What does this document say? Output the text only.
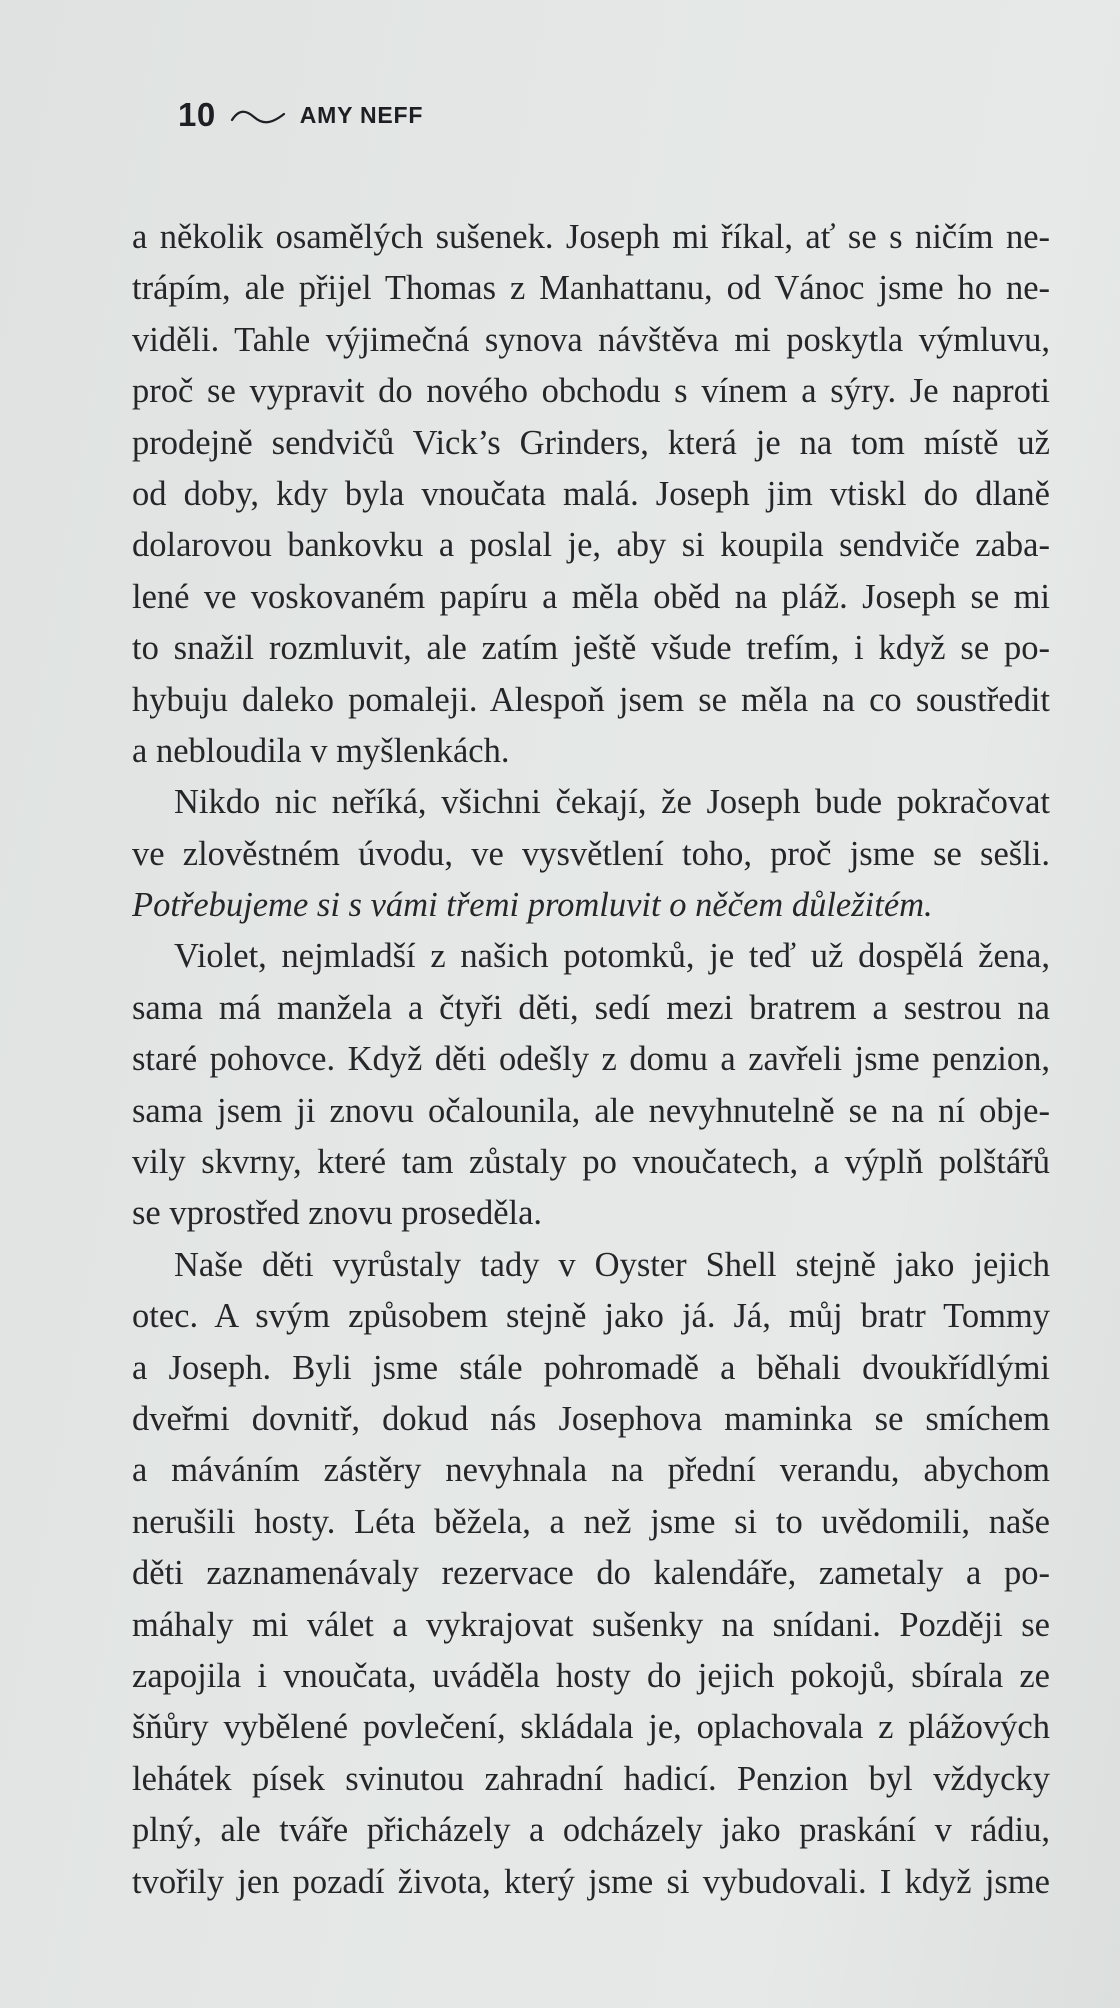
10	AMY NEFF
a několik osamělých sušenek. Joseph mi říkal, ať se s ničím ne-
trápím, ale přijel Thomas z Manhattanu, od Vánoc jsme ho ne-
viděli. Tahle výjimečná synova návštěva mi poskytla výmluvu,
proč se vypravit do nového obchodu s vínem a sýry. Je naproti
prodejně sendvičů Vick’s Grinders, která je na tom místě už
od doby, kdy byla vnoučata malá. Joseph jim vtiskl do dlaně
dolarovou bankovku a poslal je, aby si koupila sendviče zaba-
lené ve voskovaném papíru a měla oběd na pláž. Joseph se mi
to snažil rozmluvit, ale zatím ještě všude trefím, i když se po-
hybuju daleko pomaleji. Alespoň jsem se měla na co soustředit
a nebloudila v myšlenkách.
Nikdo nic neříká, všichni čekají, že Joseph bude pokračovat
ve zlověstném úvodu, ve vysvětlení toho, proč jsme se sešli.
Potřebujeme si s vámi třemi promluvit o něčem důležitém.
Violet, nejmladší z našich potomků, je teď už dospělá žena,
sama má manžela a čtyři děti, sedí mezi bratrem a sestrou na
staré pohovce. Když děti odešly z domu a zavřeli jsme penzion,
sama jsem ji znovu očalounila, ale nevyhnutelně se na ní obje-
vily skvrny, které tam zůstaly po vnoučatech, a výplň polštářů
se vprostřed znovu proseděla.
Naše děti vyrůstaly tady v Oyster Shell stejně jako jejich
otec. A svým způsobem stejně jako já. Já, můj bratr Tommy
a Joseph. Byli jsme stále pohromadě a běhali dvoukřídlými
dveřmi dovnitř, dokud nás Josephova maminka se smíchem
a máváním zástěry nevyhnala na přední verandu, abychom
nerušili hosty. Léta běžela, a než jsme si to uvědomili, naše
děti zaznamenávaly rezervace do kalendáře, zametaly a po-
máhaly mi válet a vykrajovat sušenky na snídani. Později se
zapojila i vnoučata, uváděla hosty do jejich pokojů, sbírala ze
šňůry vybělené povlečení, skládala je, oplachovala z plážových
lehátek písek svinutou zahradní hadicí. Penzion byl vždycky
plný, ale tváře přicházely a odcházely jako praskání v rádiu,
tvořily jen pozadí života, který jsme si vybudovali. I když jsme
